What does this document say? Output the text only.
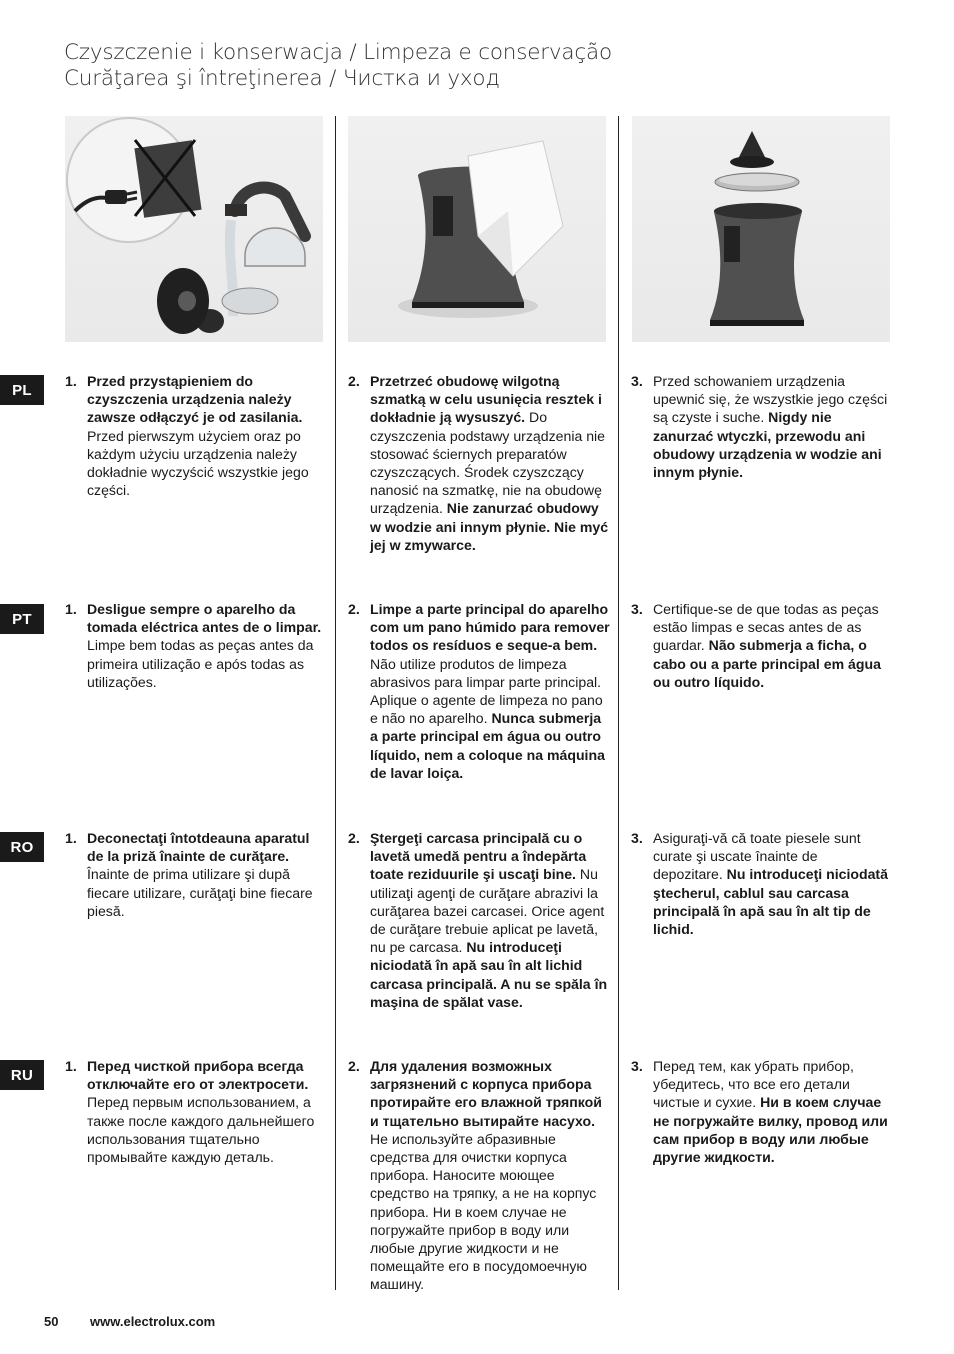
Czyszczenie i konserwacja / Limpeza e conservação
Curăţarea şi întreţinerea / Чистка и уход
PL
PT
RO
RU
1. Przed przystąpieniem do czyszczenia urządzenia należy zawsze odłączyć je od zasilania. Przed pierwszym użyciem oraz po każdym użyciu urządzenia należy dokładnie wyczyścić wszystkie jego części.
2. Przetrzeć obudowę wilgotną szmatką w celu usunięcia resztek i dokładnie ją wysuszyć. Do czyszczenia podstawy urządzenia nie stosować ściernych preparatów czyszczących. Środek czyszczący nanosić na szmatkę, nie na obudowę urządzenia. Nie zanurzać obudowy w wodzie ani innym płynie. Nie myć jej w zmywarce.
3. Przed schowaniem urządzenia upewnić się, że wszystkie jego części są czyste i suche. Nigdy nie zanurzać wtyczki, przewodu ani obudowy urządzenia w wodzie ani innym płynie.
1. Desligue sempre o aparelho da tomada eléctrica antes de o limpar. Limpe bem todas as peças antes da primeira utilização e após todas as utilizações.
2. Limpe a parte principal do aparelho com um pano húmido para remover todos os resíduos e seque-a bem. Não utilize produtos de limpeza abrasivos para limpar parte principal. Aplique o agente de limpeza no pano e não no aparelho. Nunca submerja a parte principal em água ou outro líquido, nem a coloque na máquina de lavar loiça.
3. Certifique-se de que todas as peças estão limpas e secas antes de as guardar. Não submerja a ficha, o cabo ou a parte principal em água ou outro líquido.
1. Deconectaţi întotdeauna aparatul de la priză înainte de curăţare. Înainte de prima utilizare şi după fiecare utilizare, curăţaţi bine fiecare piesă.
2. Ştergeţi carcasa principală cu o lavetă umedă pentru a îndepărta toate reziduurile şi uscaţi bine. Nu utilizaţi agenţi de curăţare abrazivi la curăţarea bazei carcasei. Orice agent de curăţare trebuie aplicat pe lavetă, nu pe carcasa. Nu introduceţi niciodată în apă sau în alt lichid carcasa principală. A nu se spăla în maşina de spălat vase.
3. Asiguraţi-vă că toate piesele sunt curate şi uscate înainte de depozitare. Nu introduceţi niciodată ştecherul, cablul sau carcasa principală în apă sau în alt tip de lichid.
1. Перед чисткой прибора всегда отключайте его от электросети. Перед первым использованием, а также после каждого дальнейшего использования тщательно промывайте каждую деталь.
2. Для удаления возможных загрязнений с корпуса прибора протирайте его влажной тряпкой и тщательно вытирайте насухо. Не используйте абразивные средства для очистки корпуса прибора. Наносите моющее средство на тряпку, а не на корпус прибора. Ни в коем случае не погружайте прибор в воду или любые другие жидкости и не помещайте его в посудомоечную машину.
3. Перед тем, как убрать прибор, убедитесь, что все его детали чистые и сухие. Ни в коем случае не погружайте вилку, провод или сам прибор в воду или любые другие жидкости.
50 www.electrolux.com
